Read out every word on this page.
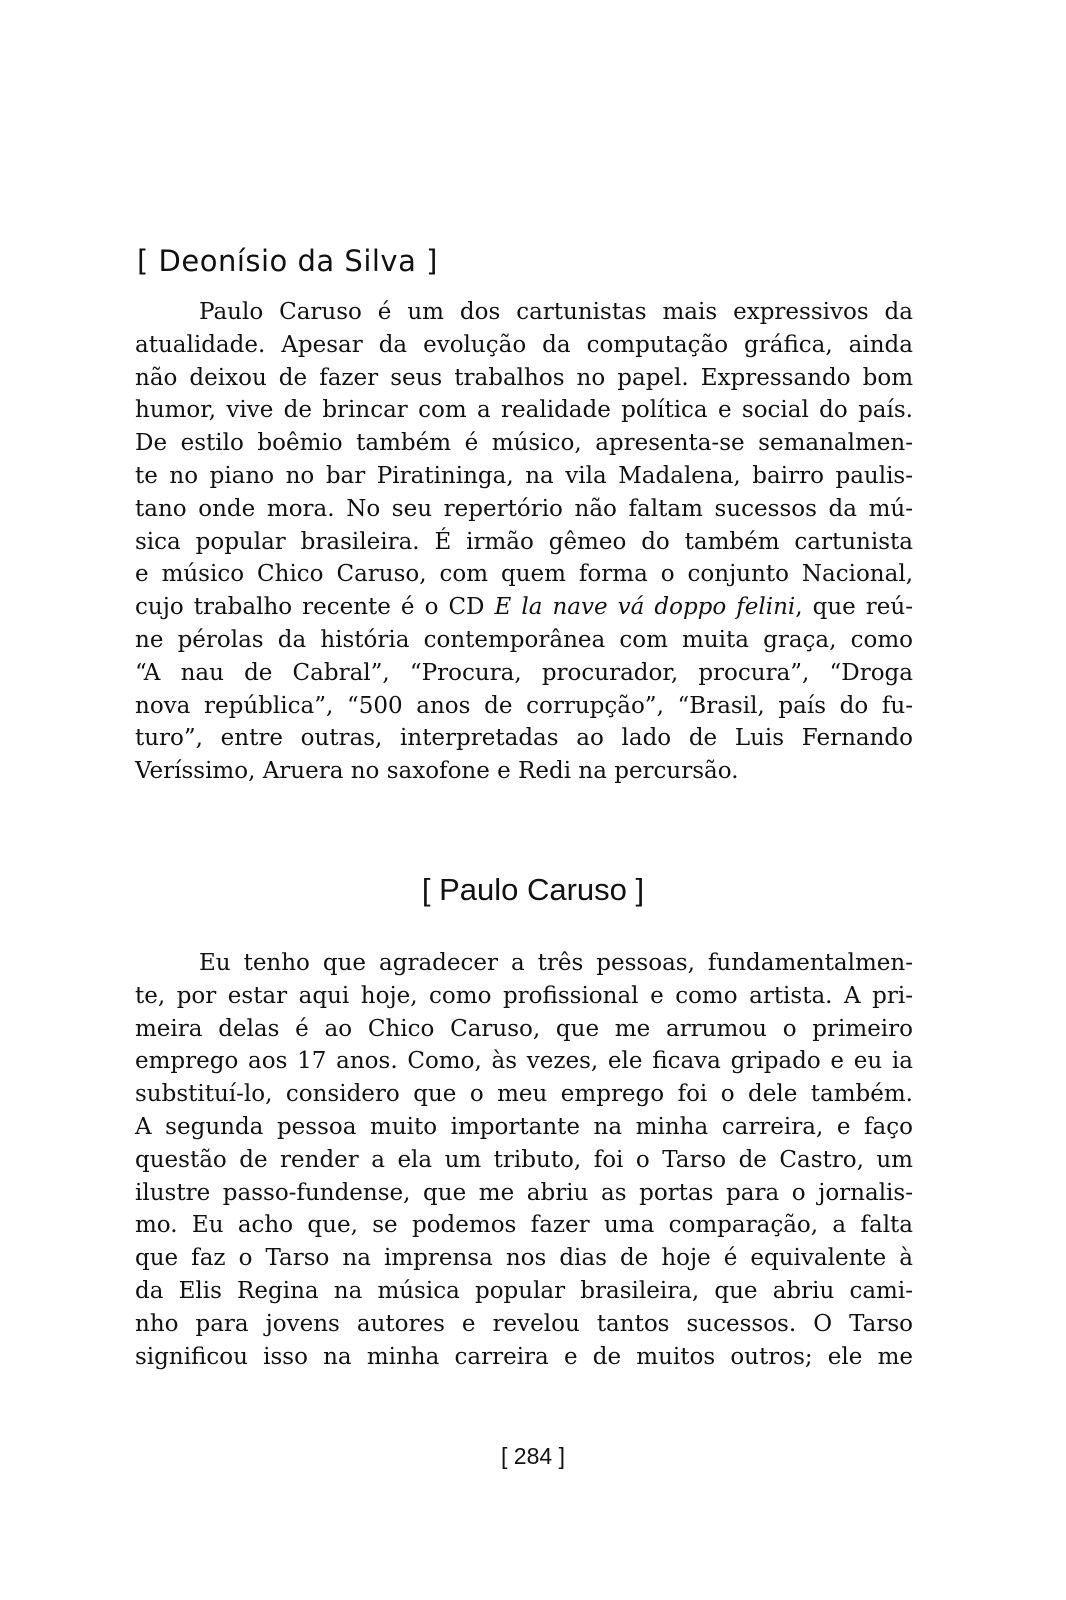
[ Deonísio da Silva ]
Paulo Caruso é um dos cartunistas mais expressivos da
atualidade. Apesar da evolução da computação gráfica, ainda
não deixou de fazer seus trabalhos no papel. Expressando bom
humor, vive de brincar com a realidade política e social do país.
De estilo boêmio também é músico, apresenta-se semanalmen-
te no piano no bar Piratininga, na vila Madalena, bairro paulis-
tano onde mora. No seu repertório não faltam sucessos da mú-
sica popular brasileira. É irmão gêmeo do também cartunista
e músico Chico Caruso, com quem forma o conjunto Nacional,
cujo trabalho recente é o CD E la nave vá doppo felini, que reú-
ne pérolas da história contemporânea com muita graça, como
“A nau de Cabral”, “Procura, procurador, procura”, “Droga
nova república”, “500 anos de corrupção”, “Brasil, país do fu-
turo”, entre outras, interpretadas ao lado de Luis Fernando
Veríssimo, Aruera no saxofone e Redi na percursão.
[ Paulo Caruso ]
Eu tenho que agradecer a três pessoas, fundamentalmen-
te, por estar aqui hoje, como profissional e como artista. A pri-
meira delas é ao Chico Caruso, que me arrumou o primeiro
emprego aos 17 anos. Como, às vezes, ele ficava gripado e eu ia
substituí-lo, considero que o meu emprego foi o dele também.
A segunda pessoa muito importante na minha carreira, e faço
questão de render a ela um tributo, foi o Tarso de Castro, um
ilustre passo-fundense, que me abriu as portas para o jornalis-
mo. Eu acho que, se podemos fazer uma comparação, a falta
que faz o Tarso na imprensa nos dias de hoje é equivalente à
da Elis Regina na música popular brasileira, que abriu cami-
nho para jovens autores e revelou tantos sucessos. O Tarso
significou isso na minha carreira e de muitos outros; ele me
[ 284 ]
